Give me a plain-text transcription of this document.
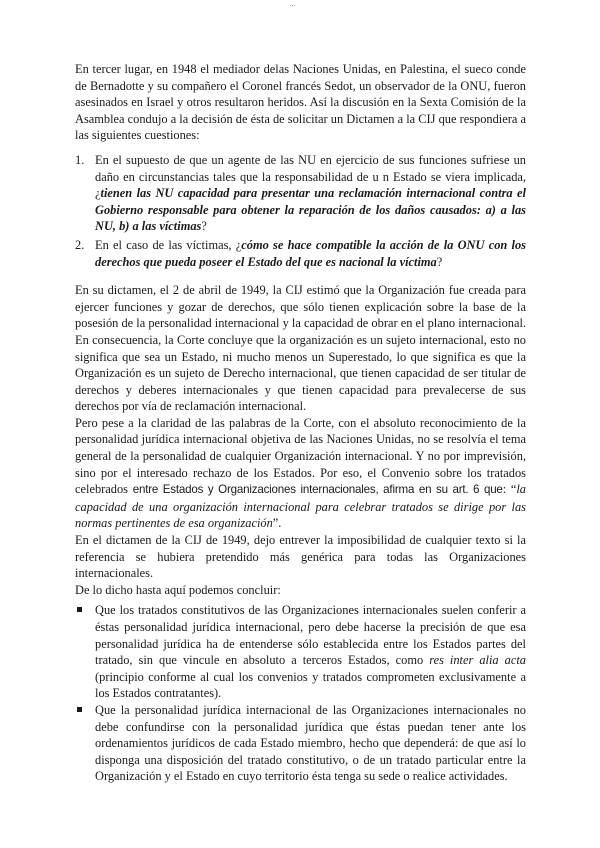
...

En tercer lugar, en 1948 el mediador delas Naciones Unidas, en Palestina, el sueco conde de Bernadotte y su compañero el Coronel francés Sedot, un observador de la ONU, fueron asesinados en Israel y otros resultaron heridos. Así la discusión en la Sexta Comisión de la Asamblea condujo a la decisión de ésta de solicitar un Dictamen a la CIJ que respondiera a las siguientes cuestiones:

1. En el supuesto de que un agente de las NU en ejercicio de sus funciones sufriese un daño en circunstancias tales que la responsabilidad de u n Estado se viera implicada, ¿tienen las NU capacidad para presentar una reclamación internacional contra el Gobierno responsable para obtener la reparación de los daños causados: a) a las NU, b) a las víctimas?
2. En el caso de las víctimas, ¿cómo se hace compatible la acción de la ONU con los derechos que pueda poseer el Estado del que es nacional la víctima?

En su dictamen, el 2 de abril de 1949, la CIJ estimó que la Organización fue creada para ejercer funciones y gozar de derechos, que sólo tienen explicación sobre la base de la posesión de la personalidad internacional y la capacidad de obrar en el plano internacional. En consecuencia, la Corte concluye que la organización es un sujeto internacional, esto no significa que sea un Estado, ni mucho menos un Superestado, lo que significa es que la Organización es un sujeto de Derecho internacional, que tienen capacidad de ser titular de derechos y deberes internacionales y que tienen capacidad para prevalecerse de sus derechos por vía de reclamación internacional.

Pero pese a la claridad de las palabras de la Corte, con el absoluto reconocimiento de la personalidad jurídica internacional objetiva de las Naciones Unidas, no se resolvía el tema general de la personalidad de cualquier Organización internacional. Y no por imprevisión, sino por el interesado rechazo de los Estados. Por eso, el Convenio sobre los tratados celebrados entre Estados y Organizaciones internacionales, afirma en su art. 6 que: “la capacidad de una organización internacional para celebrar tratados se dirige por las normas pertinentes de esa organización”.

En el dictamen de la CIJ de 1949, dejo entrever la imposibilidad de cualquier texto si la referencia se hubiera pretendido más genérica para todas las Organizaciones internacionales.

De lo dicho hasta aquí podemos concluir:

Que los tratados constitutivos de las Organizaciones internacionales suelen conferir a éstas personalidad jurídica internacional, pero debe hacerse la precisión de que esa personalidad jurídica ha de entenderse sólo establecida entre los Estados partes del tratado, sin que vincule en absoluto a terceros Estados, como res inter alia acta (principio conforme al cual los convenios y tratados comprometen exclusivamente a los Estados contratantes).
Que la personalidad jurídica internacional de las Organizaciones internacionales no debe confundirse con la personalidad jurídica que éstas puedan tener ante los ordenamientos jurídicos de cada Estado miembro, hecho que dependerá: de que así lo disponga una disposición del tratado constitutivo, o de un tratado particular entre la Organización y el Estado en cuyo territorio ésta tenga su sede o realice actividades.
